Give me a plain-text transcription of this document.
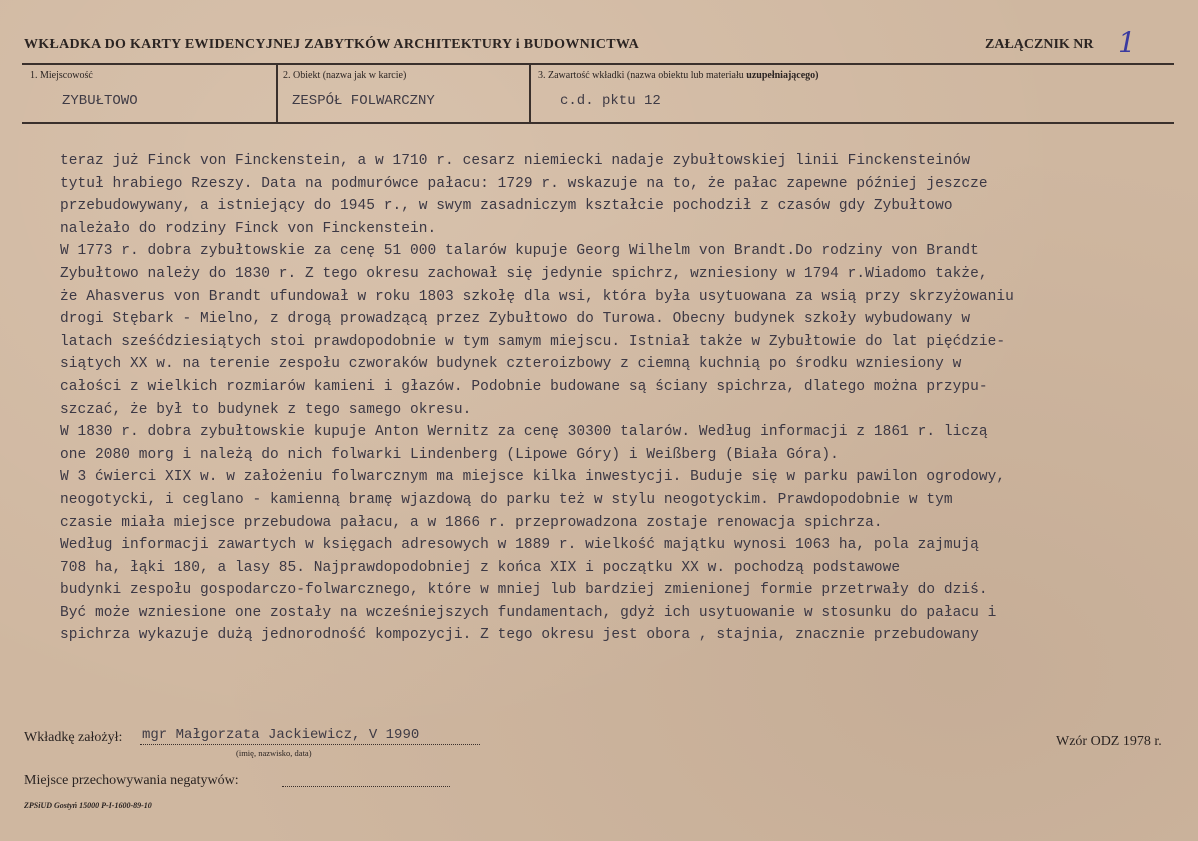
WKŁADKA DO KARTY EWIDENCYJNEJ ZABYTKÓW ARCHITEKTURY i BUDOWNICTWA	ZAŁĄCZNIK NR 1
1. Miejscowość
ZYBUŁTOWO
2. Obiekt (nazwa jak w karcie)
ZESPÓŁ FOLWARCZNY
3. Zawartość wkładki (nazwa obiektu lub materiału uzupełniającego)
c.d. pktu 12
teraz już Finck von Finckenstein, a w 1710 r. cesarz niemiecki nadaje zybułtowskiej linii Finckensteinów
tytuł hrabiego Rzeszy. Data na podmurówce pałacu: 1729 r. wskazuje na to, że pałac zapewne później jeszcze
przebudowywany, a istniejący do 1945 r., w swym zasadniczym kształcie pochodził z czasów gdy Zybułtowo
należało do rodziny Finck von Finckenstein.
W 1773 r. dobra zybułtowskie za cenę 51 000 talarów kupuje Georg Wilhelm von Brandt.Do rodziny von Brandt
Zybułtowo należy do 1830 r. Z tego okresu zachował się jedynie spichrz, wzniesiony w 1794 r.Wiadomo także,
że Ahasverus von Brandt ufundował w roku 1803 szkołę dla wsi, która była usytuowana za wsią przy skrzyżowaniu
drogi Stębark - Mielno, z drogą prowadzącą przez Zybułtowo do Turowa. Obecny budynek szkoły wybudowany w
latach sześćdziesiątych stoi prawdopodobnie w tym samym miejscu. Istniał także w Zybułtowie do lat pięćdzie-
siątych XX w. na terenie zespołu czworaków budynek czterоizbowy z ciemną kuchnią po środku wzniesiony w
całości z wielkich rozmiarów kamieni i głazów. Podobnie budowane są ściany spichrza, dlatego można przypu-
szczać, że był to budynek z tego samego okresu.
W 1830 r. dobra zybułtowskie kupuje Anton Wernitz za cenę 30300 talarów. Według informacji z 1861 r. liczą
one 2080 morg i należą do nich folwarki Lindenberg (Lipowe Góry) i Weißberg (Biała Góra).
W 3 ćwierci XIX w. w założeniu folwarcznym ma miejsce kilka inwestycji. Buduje się w parku pawilon ogrodowy,
neogotycki, i ceglano - kamienną bramę wjazdową do parku też w stylu neogotyckim. Prawdopodobnie w tym
czasie miała miejsce przebudowa pałacu, a w 1866 r. przeprowadzona zostaje renowacja spichrza.
Według informacji zawartych w księgach adresowych w 1889 r. wielkość majątku wynosi 1063 ha, pola zajmują
708 ha, łąki 180, a lasy 85. Najprawdopodobniej z końca XIX i początku XX w. pochodzą podstawowe
budynki zespołu gospodarczo-folwarcznego, które w mniej lub bardziej zmienionej formie przetrwały do dziś.
Być może wzniesione one zostały na wcześniejszych fundamentach, gdyż ich usytuowanie w stosunku do pałacu i
spichrza wykazuje dużą jednorodność kompozycji. Z tego okresu jest obora , stajnia, znacznie przebudowany
Wkładkę założył: mgr Małgorzata Jackiewicz, V 1990
(imię, nazwisko, data)
Wzór ODZ 1978 r.
Miejsce przechowywania negatywów:
ZPSiUD Gostyń 15000 P-I-1600-89-10
